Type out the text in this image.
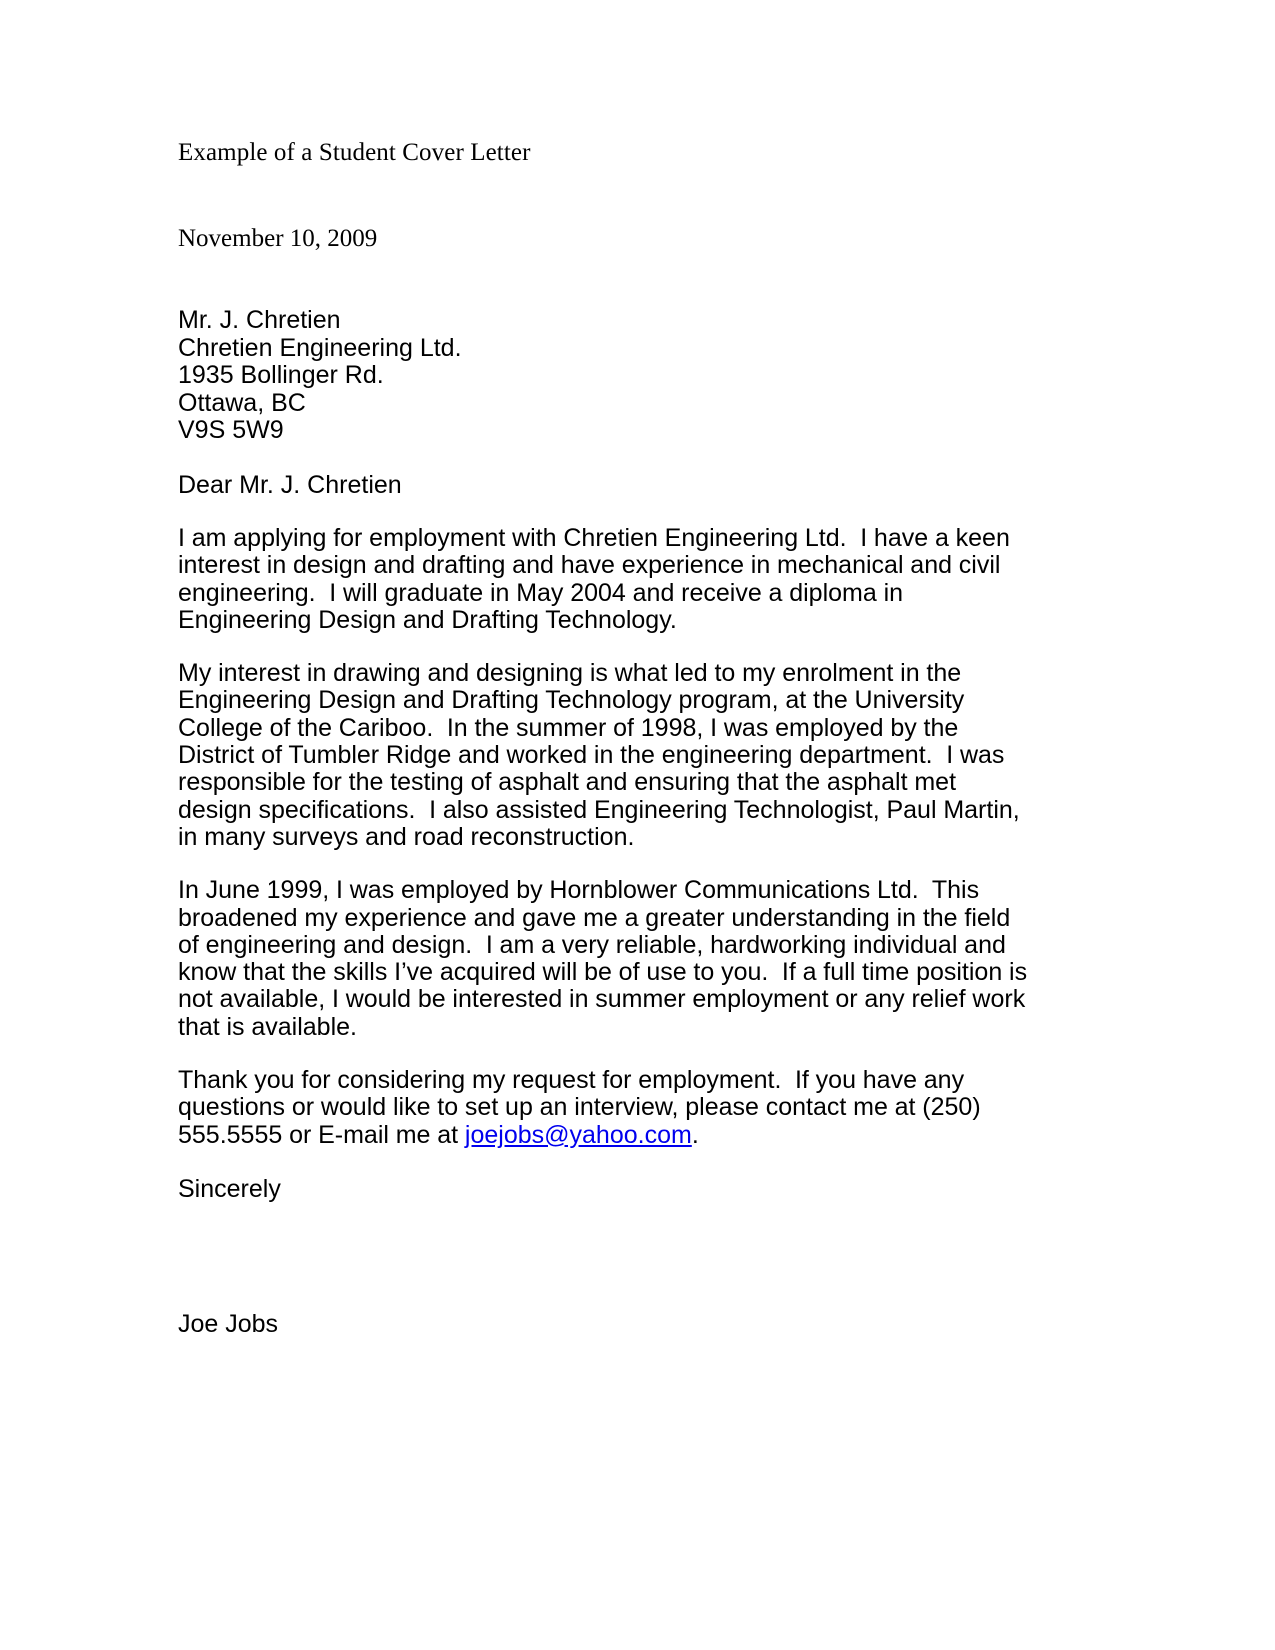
Example of a Student Cover Letter
November 10, 2009
Mr. J. Chretien
Chretien Engineering Ltd.
1935 Bollinger Rd.
Ottawa, BC
V9S 5W9
Dear Mr. J. Chretien
I am applying for employment with Chretien Engineering Ltd.  I have a keen interest in design and drafting and have experience in mechanical and civil engineering.  I will graduate in May 2004 and receive a diploma in Engineering Design and Drafting Technology.
My interest in drawing and designing is what led to my enrolment in the Engineering Design and Drafting Technology program, at the University College of the Cariboo.  In the summer of 1998, I was employed by the District of Tumbler Ridge and worked in the engineering department.  I was responsible for the testing of asphalt and ensuring that the asphalt met design specifications.  I also assisted Engineering Technologist, Paul Martin, in many surveys and road reconstruction.
In June 1999, I was employed by Hornblower Communications Ltd.  This broadened my experience and gave me a greater understanding in the field of engineering and design.  I am a very reliable, hardworking individual and know that the skills I’ve acquired will be of use to you.  If a full time position is not available, I would be interested in summer employment or any relief work that is available.
Thank you for considering my request for employment.  If you have any questions or would like to set up an interview, please contact me at (250) 555.5555 or E-mail me at joejobs@yahoo.com.
Sincerely
Joe Jobs
